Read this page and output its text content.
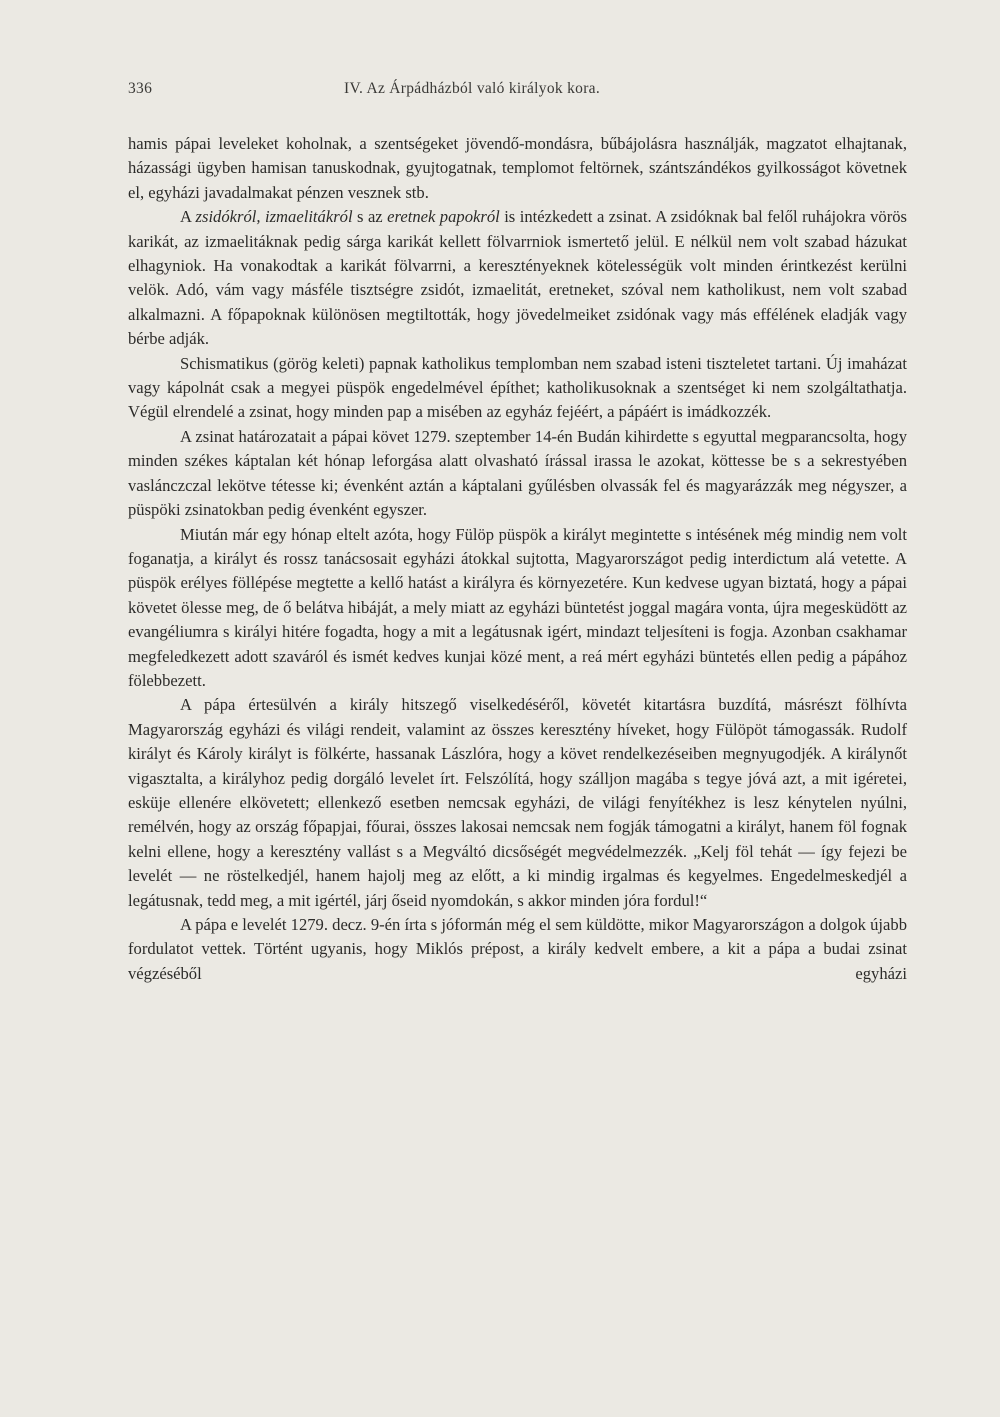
336	IV. Az Árpádházból való királyok kora.

hamis pápai leveleket koholnak, a szentségeket jövendő-mondásra, bűbájolásra használják, magzatot elhajtanak, házassági ügyben hamisan tanuskodnak, gyujtogatnak, templomot feltörnek, szántszándékos gyilkosságot követnek el, egyházi javadalmakat pénzen vesznek stb.

A zsidókról, izmaelitákról s az eretnek papokról is intézkedett a zsinat. A zsidóknak bal felől ruhájokra vörös karikát, az izmaelitáknak pedig sárga karikát kellett fölvarrniok ismertető jelül. E nélkül nem volt szabad házukat elhagyniok. Ha vonakodtak a karikát fölvarrni, a keresztényeknek kötelességük volt minden érintkezést kerülni velök. Adó, vám vagy másféle tisztségre zsidót, izmaelitát, eretneket, szóval nem katholikust, nem volt szabad alkalmazni. A főpapoknak különösen megtiltották, hogy jövedelmeiket zsidónak vagy más effélének eladják vagy bérbe adják.

Schismatikus (görög keleti) papnak katholikus templomban nem szabad isteni tiszteletet tartani. Új imaházat vagy kápolnát csak a megyei püspök engedelmével építhet; katholikusoknak a szentséget ki nem szolgáltathatja. Végül elrendelé a zsinat, hogy minden pap a misében az egyház fejéért, a pápáért is imádkozzék.

A zsinat határozatait a pápai követ 1279. szeptember 14-én Budán kihirdette s egyuttal megparancsolta, hogy minden székes káptalan két hónap leforgása alatt olvasható írással irassa le azokat, köttesse be s a sekrestyében vaslánczczal lekötve tétesse ki; évenként aztán a káptalani gyűlésben olvassák fel és magyarázzák meg négyszer, a püspöki zsinatokban pedig évenként egyszer.

Miután már egy hónap eltelt azóta, hogy Fülöp püspök a királyt megintette s intésének még mindig nem volt foganatja, a királyt és rossz tanácsosait egyházi átokkal sujtotta, Magyarországot pedig interdictum alá vetette. A püspök erélyes föllépése megtette a kellő hatást a királyra és környezetére. Kun kedvese ugyan biztatá, hogy a pápai követet ölesse meg, de ő belátva hibáját, a mely miatt az egyházi büntetést joggal magára vonta, újra megesküdött az evangéliumra s királyi hitére fogadta, hogy a mit a legátusnak igért, mindazt teljesíteni is fogja. Azonban csakhamar megfeledkezett adott szaváról és ismét kedves kunjai közé ment, a reá mért egyházi büntetés ellen pedig a pápához fölebbezett.

A pápa értesülvén a király hitszegő viselkedéséről, követét kitartásra buzdítá, másrészt fölhívta Magyarország egyházi és világi rendeit, valamint az összes keresztény híveket, hogy Fülöpöt támogassák. Rudolf királyt és Károly királyt is fölkérte, hassanak Lászlóra, hogy a követ rendelkezéseiben megnyugodjék. A királynőt vigasztalta, a királyhoz pedig dorgáló levelet írt. Felszólítá, hogy szálljon magába s tegye jóvá azt, a mit igéretei, esküje ellenére elkövetett; ellenkező esetben nemcsak egyházi, de világi fenyítékhez is lesz kénytelen nyúlni, remélvén, hogy az ország főpapjai, főurai, összes lakosai nemcsak nem fogják támogatni a királyt, hanem föl fognak kelni ellene, hogy a keresztény vallást s a Megváltó dicsőségét megvédelmezzék. „Kelj föl tehát — így fejezi be levelét — ne röstelkedjél, hanem hajolj meg az előtt, a ki mindig irgalmas és kegyelmes. Engedelmeskedjél a legátusnak, tedd meg, a mit igértél, járj őseid nyomdokán, s akkor minden jóra fordul!“

A pápa e levelét 1279. decz. 9-én írta s jóformán még el sem küldötte, mikor Magyarországon a dolgok újabb fordulatot vettek. Történt ugyanis, hogy Miklós prépost, a király kedvelt embere, a kit a pápa a budai zsinat végzéséből egyházi
